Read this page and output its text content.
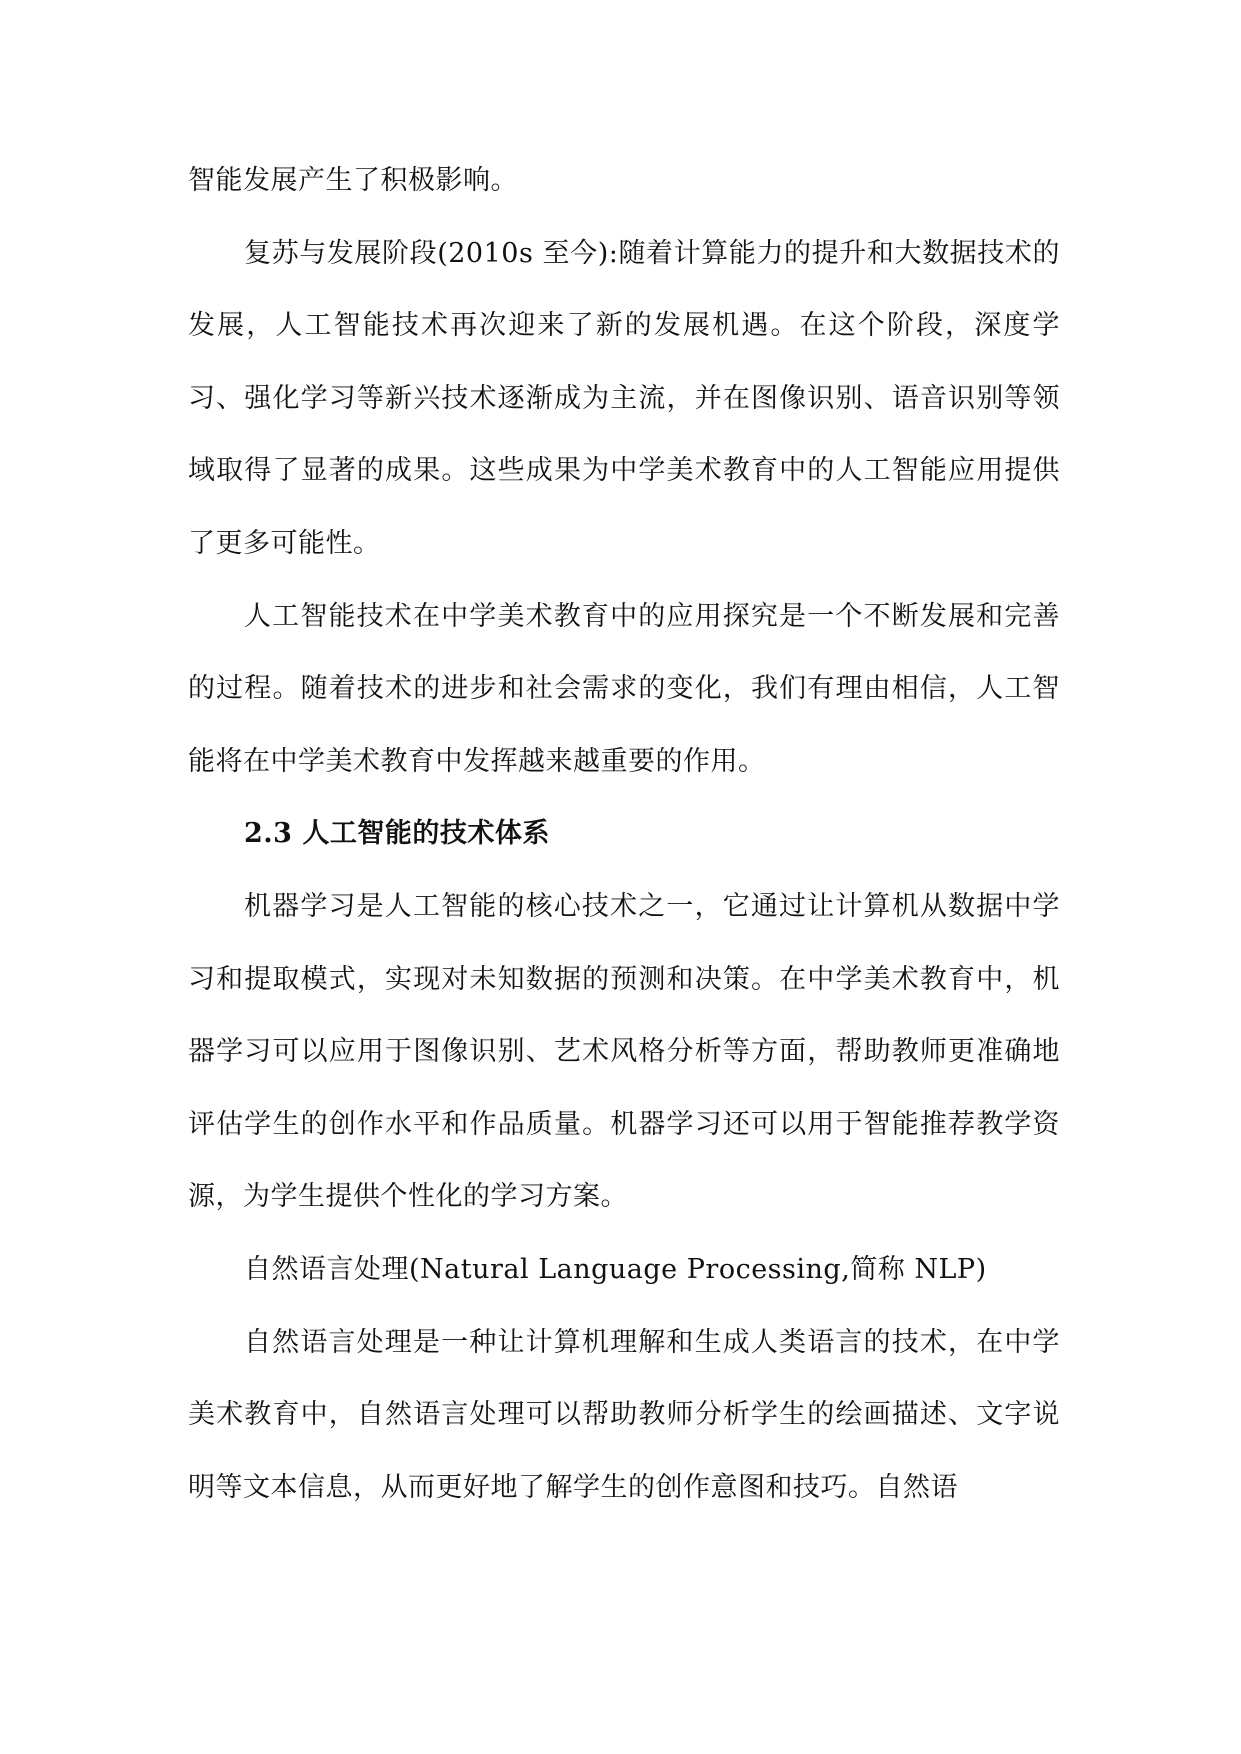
智能发展产生了积极影响。

复苏与发展阶段(2010s 至今):随着计算能力的提升和大数据技术的发展，人工智能技术再次迎来了新的发展机遇。在这个阶段，深度学习、强化学习等新兴技术逐渐成为主流，并在图像识别、语音识别等领域取得了显著的成果。这些成果为中学美术教育中的人工智能应用提供了更多可能性。

人工智能技术在中学美术教育中的应用探究是一个不断发展和完善的过程。随着技术的进步和社会需求的变化，我们有理由相信，人工智能将在中学美术教育中发挥越来越重要的作用。

2.3 人工智能的技术体系

机器学习是人工智能的核心技术之一，它通过让计算机从数据中学习和提取模式，实现对未知数据的预测和决策。在中学美术教育中，机器学习可以应用于图像识别、艺术风格分析等方面，帮助教师更准确地评估学生的创作水平和作品质量。机器学习还可以用于智能推荐教学资源，为学生提供个性化的学习方案。

自然语言处理(Natural Language Processing,简称 NLP)

自然语言处理是一种让计算机理解和生成人类语言的技术，在中学美术教育中，自然语言处理可以帮助教师分析学生的绘画描述、文字说明等文本信息，从而更好地了解学生的创作意图和技巧。自然语
